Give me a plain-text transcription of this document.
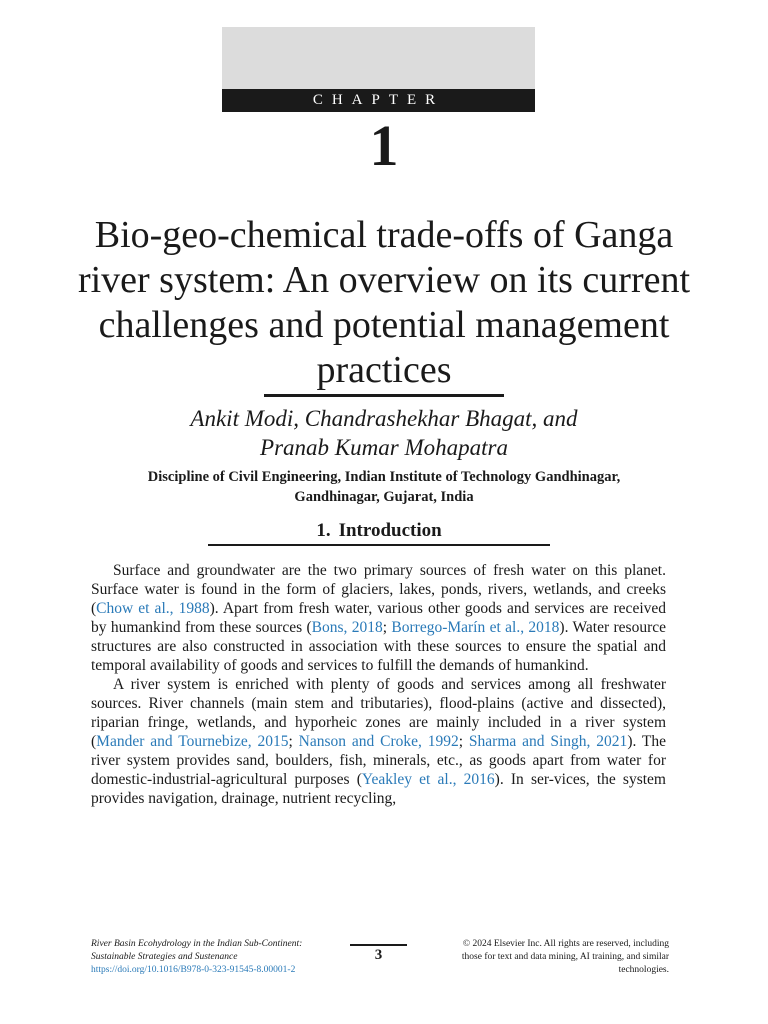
CHAPTER
1
Bio-geo-chemical trade-offs of Ganga river system: An overview on its current challenges and potential management practices
Ankit Modi, Chandrashekhar Bhagat, and
Pranab Kumar Mohapatra
Discipline of Civil Engineering, Indian Institute of Technology Gandhinagar,
Gandhinagar, Gujarat, India
1. Introduction

Surface and groundwater are the two primary sources of fresh water on this planet. Surface water is found in the form of glaciers, lakes, ponds, rivers, wetlands, and creeks (Chow et al., 1988). Apart from fresh water, various other goods and services are received by humankind from these sources (Bons, 2018; Borrego-Marín et al., 2018). Water resource structures are also constructed in association with these sources to ensure the spatial and temporal availability of goods and services to fulfill the demands of humankind.

A river system is enriched with plenty of goods and services among all freshwater sources. River channels (main stem and tributaries), flood-plains (active and dissected), riparian fringe, wetlands, and hyporheic zones are mainly included in a river system (Mander and Tournebize, 2015; Nanson and Croke, 1992; Sharma and Singh, 2021). The river system provides sand, boulders, fish, minerals, etc., as goods apart from water for domestic-industrial-agricultural purposes (Yeakley et al., 2016). In ser-vices, the system provides navigation, drainage, nutrient recycling,

River Basin Ecohydrology in the Indian Sub-Continent:
Sustainable Strategies and Sustenance
https://doi.org/10.1016/B978-0-323-91545-8.00001-2
3
© 2024 Elsevier Inc. All rights are reserved, including
those for text and data mining, AI training, and similar
technologies.
